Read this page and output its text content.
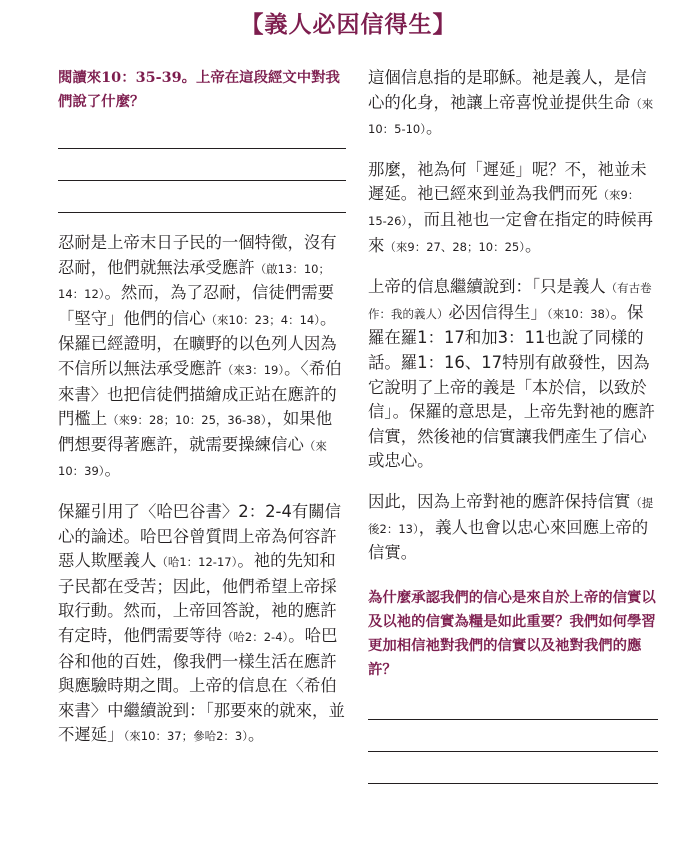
【義人必因信得生】

閱讀來10：35-39。上帝在這段經文中對我們說了什麼？

忍耐是上帝末日子民的一個特徵，沒有忍耐，他們就無法承受應許（啟13：10；14：12）。然而，為了忍耐，信徒們需要「堅守」他們的信心（來10：23；4：14）。保羅已經證明，在曠野的以色列人因為不信所以無法承受應許（來3：19）。〈希伯來書〉也把信徒們描繪成正站在應許的門檻上（來9：28；10：25，36-38），如果他們想要得著應許，就需要操練信心（來10：39）。

保羅引用了〈哈巴谷書〉2：2-4有關信心的論述。哈巴谷曾質問上帝為何容許惡人欺壓義人（哈1：12-17）。祂的先知和子民都在受苦；因此，他們希望上帝採取行動。然而，上帝回答說，祂的應許有定時，他們需要等待（哈2：2-4）。哈巴谷和他的百姓，像我們一樣生活在應許與應驗時期之間。上帝的信息在〈希伯來書〉中繼續說到：「那要來的就來，並不遲延」（來10：37；參哈2：3）。

這個信息指的是耶穌。祂是義人，是信心的化身，祂讓上帝喜悅並提供生命（來10：5-10）。

那麼，祂為何「遲延」呢？不，祂並未遲延。祂已經來到並為我們而死（來9：15-26），而且祂也一定會在指定的時候再來（來9：27、28；10：25）。

上帝的信息繼續說到：「只是義人（有古卷作：我的義人）必因信得生」（來10：38）。保羅在羅1：17和加3：11也說了同樣的話。羅1：16、17特別有啟發性，因為它說明了上帝的義是「本於信，以致於信」。保羅的意思是，上帝先對祂的應許信實，然後祂的信實讓我們產生了信心或忠心。

因此，因為上帝對祂的應許保持信實（提後2：13），義人也會以忠心來回應上帝的信實。

為什麼承認我們的信心是來自於上帝的信實以及以祂的信實為糧是如此重要？我們如何學習更加相信祂對我們的信實以及祂對我們的應許？
